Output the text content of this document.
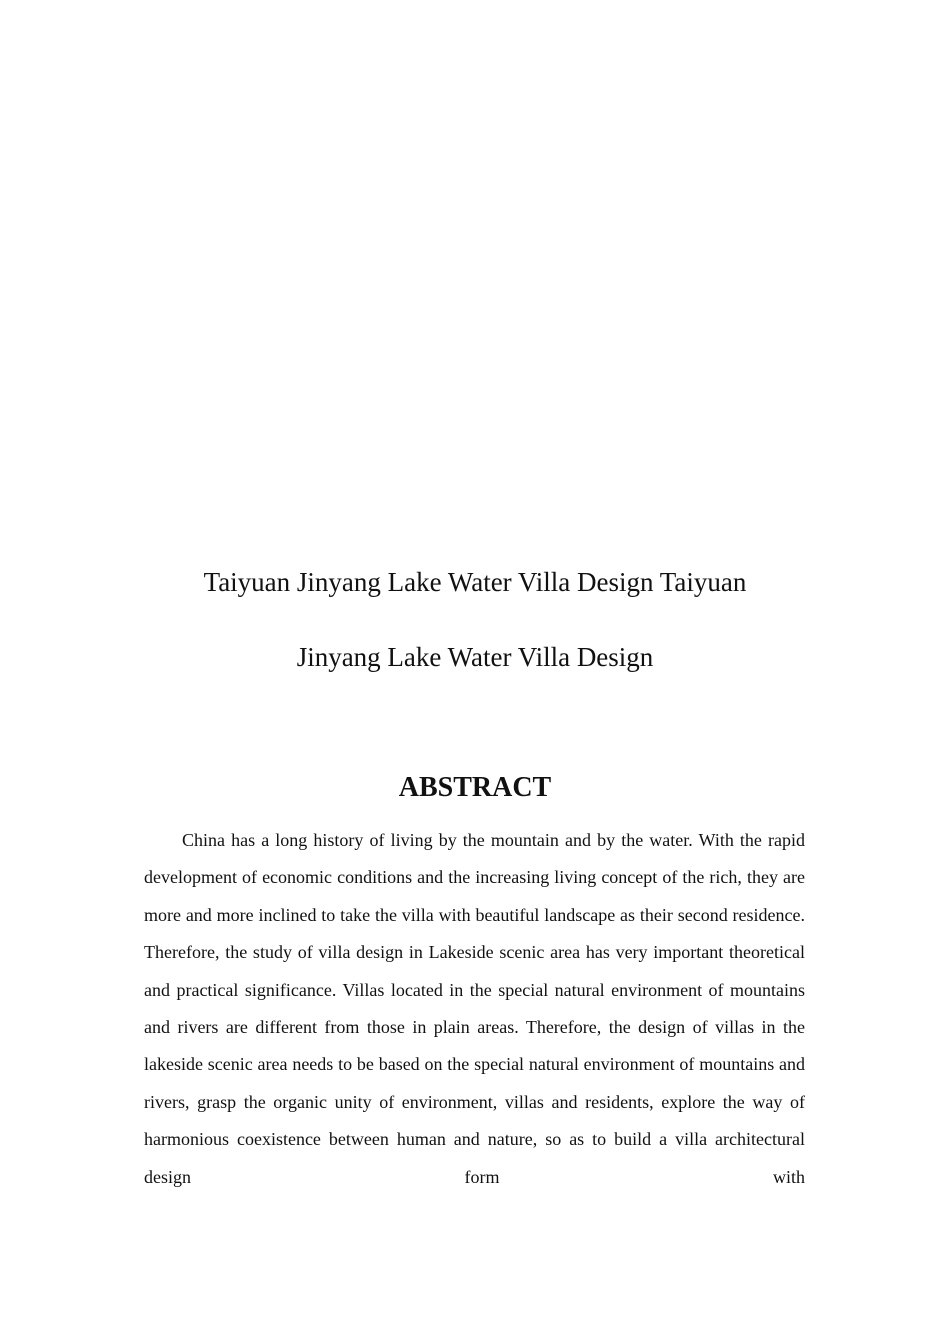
Taiyuan Jinyang Lake Water Villa Design Taiyuan
Jinyang Lake Water Villa Design
ABSTRACT

China has a long history of living by the mountain and by the water. With the rapid development of economic conditions and the increasing living concept of the rich, they are more and more inclined to take the villa with beautiful landscape as their second residence. Therefore, the study of villa design in Lakeside scenic area has very important theoretical and practical significance. Villas located in the special natural environment of mountains and rivers are different from those in plain areas. Therefore, the design of villas in the lakeside scenic area needs to be based on the special natural environment of mountains and rivers, grasp the organic unity of environment, villas and residents, explore the way of harmonious coexistence between human and nature, so as to build a villa architectural design form with
